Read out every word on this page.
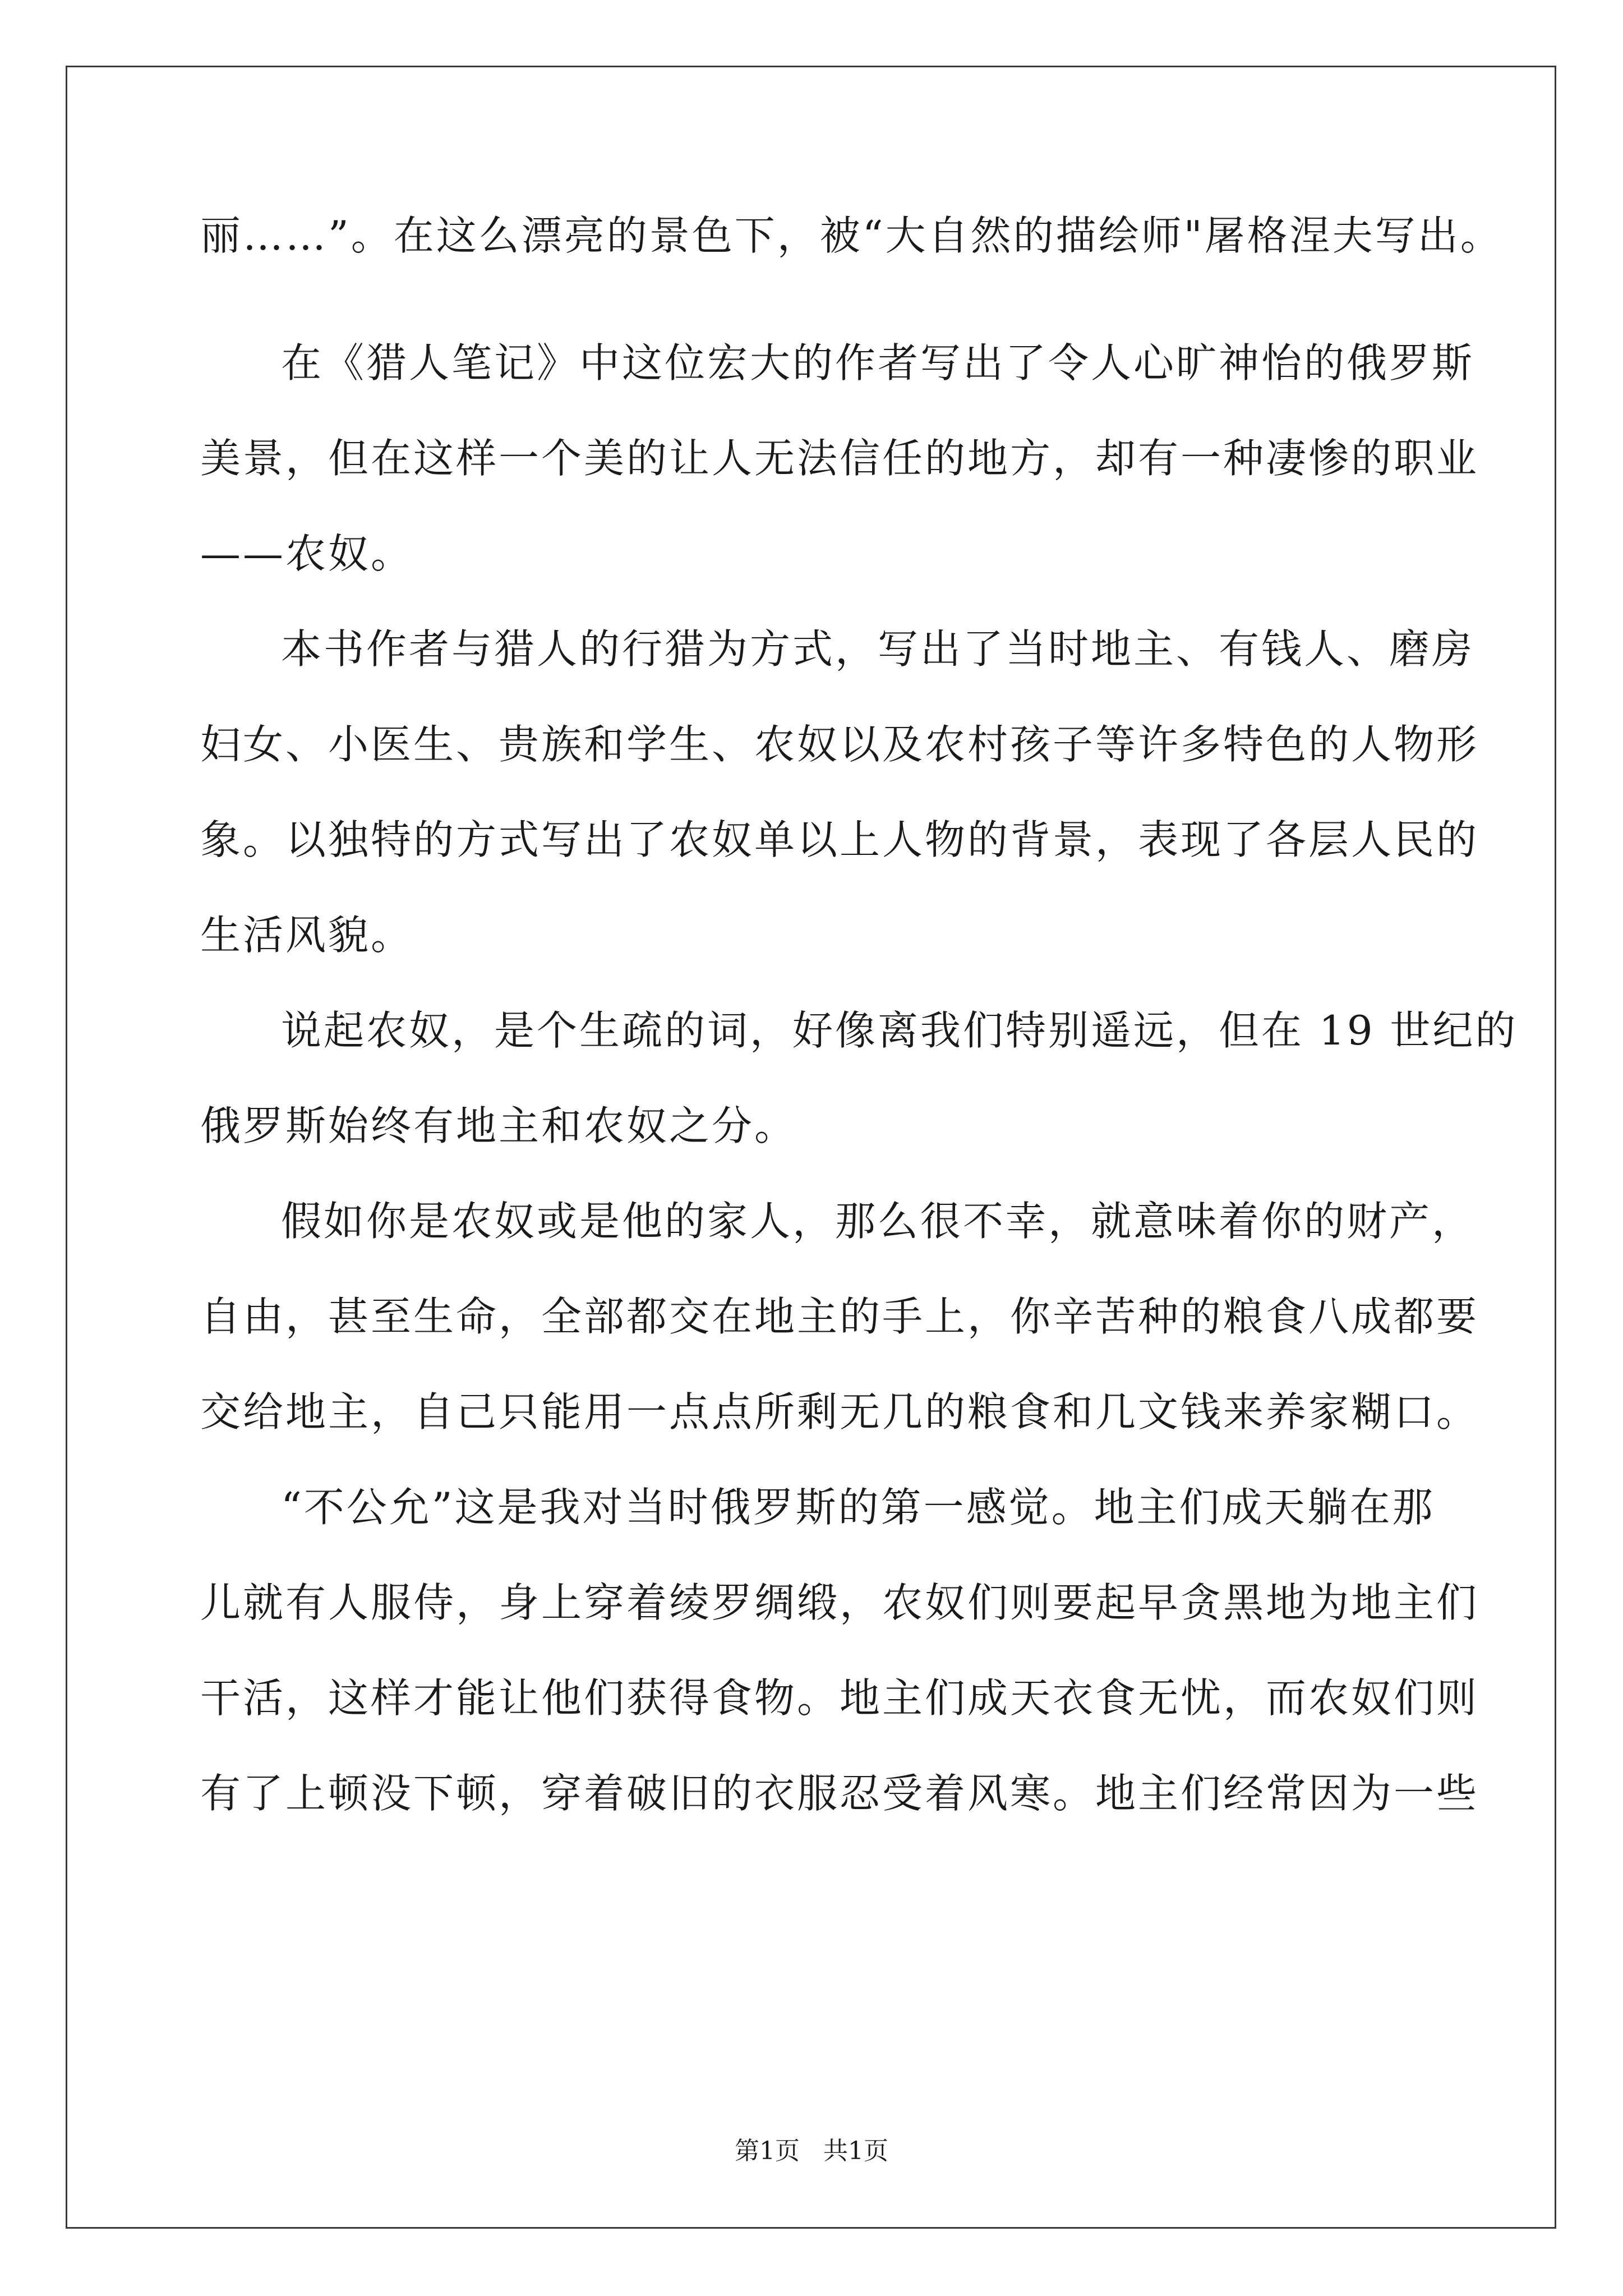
丽……”。在这么漂亮的景色下，被“大自然的描绘师"屠格涅夫写出。
在《猎人笔记》中这位宏大的作者写出了令人心旷神怡的俄罗斯
美景，但在这样一个美的让人无法信任的地方，却有一种凄惨的职业
——农奴。
本书作者与猎人的行猎为方式，写出了当时地主、有钱人、磨房
妇女、小医生、贵族和学生、农奴以及农村孩子等许多特色的人物形
象。以独特的方式写出了农奴单以上人物的背景，表现了各层人民的
生活风貌。
说起农奴，是个生疏的词，好像离我们特别遥远，但在 19 世纪的
俄罗斯始终有地主和农奴之分。
假如你是农奴或是他的家人，那么很不幸，就意味着你的财产，
自由，甚至生命，全部都交在地主的手上，你辛苦种的粮食八成都要
交给地主，自己只能用一点点所剩无几的粮食和几文钱来养家糊口。
“不公允”这是我对当时俄罗斯的第一感觉。地主们成天躺在那
儿就有人服侍，身上穿着绫罗绸缎，农奴们则要起早贪黑地为地主们
干活，这样才能让他们获得食物。地主们成天衣食无忧，而农奴们则
有了上顿没下顿，穿着破旧的衣服忍受着风寒。地主们经常因为一些
第1页   共1页
